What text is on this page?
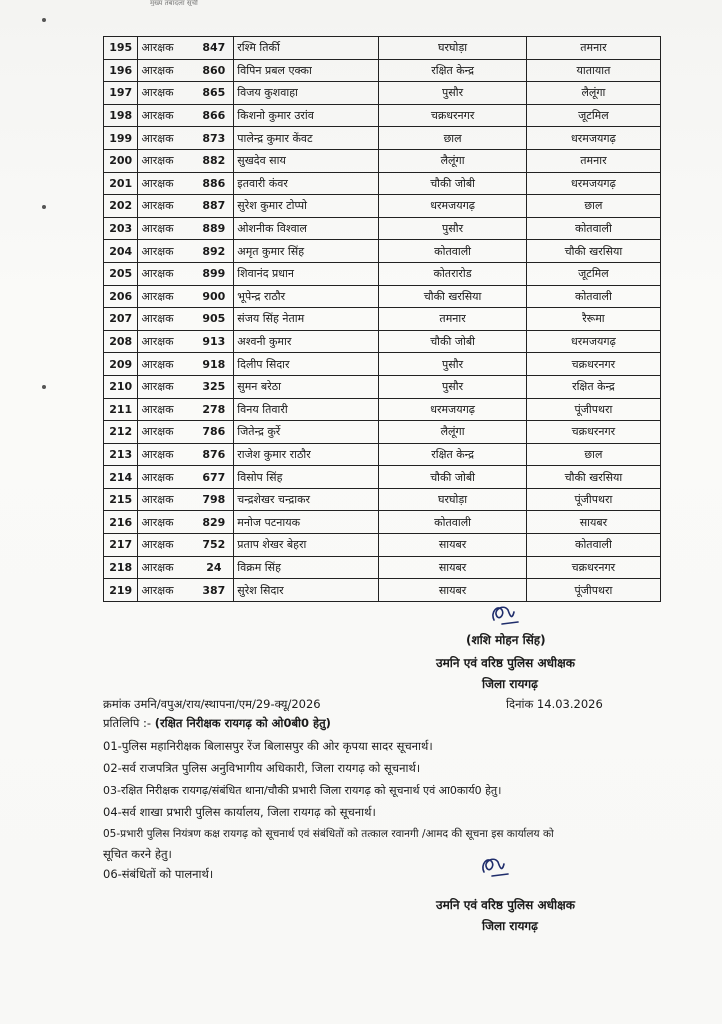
मुख्य तबादला सूची
195	आरक्षक	847	रश्मि तिर्की	घरघोड़ा	तमनार
196	आरक्षक	860	विपिन प्रबल एक्का	रक्षित केन्द्र	यातायात
197	आरक्षक	865	विजय कुशवाहा	पुसौर	लैलूंगा
198	आरक्षक	866	किशनो कुमार उरांव	चक्रधरनगर	जूटमिल
199	आरक्षक	873	पालेन्द्र कुमार केंवट	छाल	धरमजयगढ़
200	आरक्षक	882	सुखदेव साय	लैलूंगा	तमनार
201	आरक्षक	886	इतवारी कंवर	चौकी जोबी	धरमजयगढ़
202	आरक्षक	887	सुरेश कुमार टोप्पो	धरमजयगढ़	छाल
203	आरक्षक	889	ओशनीक विश्वाल	पुसौर	कोतवाली
204	आरक्षक	892	अमृत कुमार सिंह	कोतवाली	चौकी खरसिया
205	आरक्षक	899	शिवानंद प्रधान	कोतरारोड	जूटमिल
206	आरक्षक	900	भूपेन्द्र राठौर	चौकी खरसिया	कोतवाली
207	आरक्षक	905	संजय सिंह नेताम	तमनार	रैरूमा
208	आरक्षक	913	अश्वनी कुमार	चौकी जोबी	धरमजयगढ़
209	आरक्षक	918	दिलीप सिदार	पुसौर	चक्रधरनगर
210	आरक्षक	325	सुमन बरेठा	पुसौर	रक्षित केन्द्र
211	आरक्षक	278	विनय तिवारी	धरमजयगढ़	पूंजीपथरा
212	आरक्षक	786	जितेन्द्र कुर्रे	लैलूंगा	चक्रधरनगर
213	आरक्षक	876	राजेश कुमार राठौर	रक्षित केन्द्र	छाल
214	आरक्षक	677	विसोप सिंह	चौकी जोबी	चौकी खरसिया
215	आरक्षक	798	चन्द्रशेखर चन्द्राकर	घरघोड़ा	पूंजीपथरा
216	आरक्षक	829	मनोज पटनायक	कोतवाली	सायबर
217	आरक्षक	752	प्रताप शेखर बेहरा	सायबर	कोतवाली
218	आरक्षक	24	विक्रम सिंह	सायबर	चक्रधरनगर
219	आरक्षक	387	सुरेश सिदार	सायबर	पूंजीपथरा
(शशि मोहन सिंह)
उमनि एवं वरिष्ठ पुलिस अधीक्षक
जिला रायगढ़
क्रमांक उमनि/वपुअ/राय/स्थापना/एम/29-क्यू/2026	दिनांक 14.03.2026
प्रतिलिपि :- (रक्षित निरीक्षक रायगढ़ को ओ0बी0 हेतु)
01-पुलिस महानिरीक्षक बिलासपुर रेंज बिलासपुर की ओर कृपया सादर सूचनार्थ।
02-सर्व राजपत्रित पुलिस अनुविभागीय अधिकारी, जिला रायगढ़ को सूचनार्थ।
03-रक्षित निरीक्षक रायगढ़/संबंधित थाना/चौकी प्रभारी जिला रायगढ़ को सूचनार्थ एवं आ0कार्य0 हेतु।
04-सर्व शाखा प्रभारी पुलिस कार्यालय, जिला रायगढ़ को सूचनार्थ।
05-प्रभारी पुलिस नियंत्रण कक्ष रायगढ़ को सूचनार्थ एवं संबंधितों को तत्काल रवानगी /आमद की सूचना इस कार्यालय को
सूचित करने हेतु।
06-संबंधितों को पालनार्थ।
उमनि एवं वरिष्ठ पुलिस अधीक्षक
जिला रायगढ़
